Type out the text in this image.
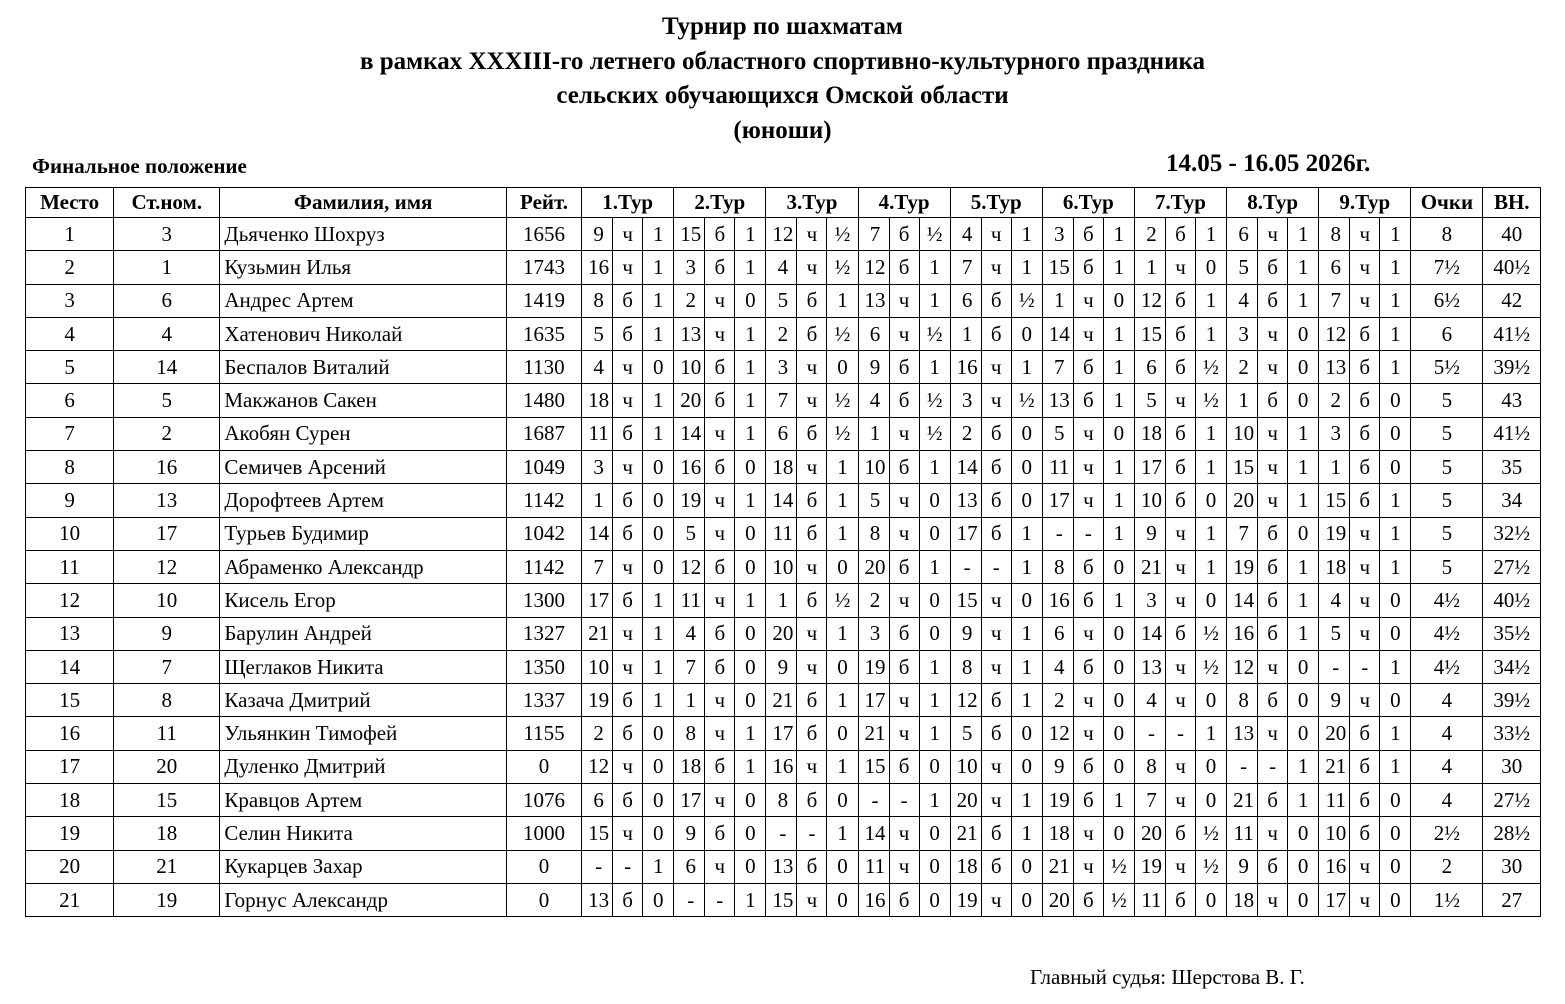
Турнир по шахматам
в рамках XXXIII-го летнего областного спортивно-культурного праздника
сельских обучающихся Омской области
(юноши)
Финальное положение	14.05 - 16.05 2026г.
Место	Ст.ном.	Фамилия, имя	Рейт.	1.Тур			2.Тур			3.Тур			4.Тур			5.Тур			6.Тур			7.Тур			8.Тур			9.Тур			Очки	ВН.
1	3	Дьяченко Шохруз	1656	9	ч	1	15	б	1	12	ч	½	7	б	½	4	ч	1	3	б	1	2	б	1	6	ч	1	8	ч	1	8	40
2	1	Кузьмин Илья	1743	16	ч	1	3	б	1	4	ч	½	12	б	1	7	ч	1	15	б	1	1	ч	0	5	б	1	6	ч	1	7½	40½
3	6	Андрес Артем	1419	8	б	1	2	ч	0	5	б	1	13	ч	1	6	б	½	1	ч	0	12	б	1	4	б	1	7	ч	1	6½	42
4	4	Хатенович Николай	1635	5	б	1	13	ч	1	2	б	½	6	ч	½	1	б	0	14	ч	1	15	б	1	3	ч	0	12	б	1	6	41½
5	14	Беспалов Виталий	1130	4	ч	0	10	б	1	3	ч	0	9	б	1	16	ч	1	7	б	1	6	б	½	2	ч	0	13	б	1	5½	39½
6	5	Макжанов Сакен	1480	18	ч	1	20	б	1	7	ч	½	4	б	½	3	ч	½	13	б	1	5	ч	½	1	б	0	2	б	0	5	43
7	2	Акобян Сурен	1687	11	б	1	14	ч	1	6	б	½	1	ч	½	2	б	0	5	ч	0	18	б	1	10	ч	1	3	б	0	5	41½
8	16	Семичев Арсений	1049	3	ч	0	16	б	0	18	ч	1	10	б	1	14	б	0	11	ч	1	17	б	1	15	ч	1	1	б	0	5	35
9	13	Дорофтеев Артем	1142	1	б	0	19	ч	1	14	б	1	5	ч	0	13	б	0	17	ч	1	10	б	0	20	ч	1	15	б	1	5	34
10	17	Турьев Будимир	1042	14	б	0	5	ч	0	11	б	1	8	ч	0	17	б	1	-	-	1	9	ч	1	7	б	0	19	ч	1	5	32½
11	12	Абраменко Александр	1142	7	ч	0	12	б	0	10	ч	0	20	б	1	-	-	1	8	б	0	21	ч	1	19	б	1	18	ч	1	5	27½
12	10	Кисель Егор	1300	17	б	1	11	ч	1	1	б	½	2	ч	0	15	ч	0	16	б	1	3	ч	0	14	б	1	4	ч	0	4½	40½
13	9	Барулин Андрей	1327	21	ч	1	4	б	0	20	ч	1	3	б	0	9	ч	1	6	ч	0	14	б	½	16	б	1	5	ч	0	4½	35½
14	7	Щеглаков Никита	1350	10	ч	1	7	б	0	9	ч	0	19	б	1	8	ч	1	4	б	0	13	ч	½	12	ч	0	-	-	1	4½	34½
15	8	Казача Дмитрий	1337	19	б	1	1	ч	0	21	б	1	17	ч	1	12	б	1	2	ч	0	4	ч	0	8	б	0	9	ч	0	4	39½
16	11	Ульянкин Тимофей	1155	2	б	0	8	ч	1	17	б	0	21	ч	1	5	б	0	12	ч	0	-	-	1	13	ч	0	20	б	1	4	33½
17	20	Дуленко Дмитрий	0	12	ч	0	18	б	1	16	ч	1	15	б	0	10	ч	0	9	б	0	8	ч	0	-	-	1	21	б	1	4	30
18	15	Кравцов Артем	1076	6	б	0	17	ч	0	8	б	0	-	-	1	20	ч	1	19	б	1	7	ч	0	21	б	1	11	б	0	4	27½
19	18	Селин Никита	1000	15	ч	0	9	б	0	-	-	1	14	ч	0	21	б	1	18	ч	0	20	б	½	11	ч	0	10	б	0	2½	28½
20	21	Кукарцев Захар	0	-	-	1	6	ч	0	13	б	0	11	ч	0	18	б	0	21	ч	½	19	ч	½	9	б	0	16	ч	0	2	30
21	19	Горнус Александр	0	13	б	0	-	-	1	15	ч	0	16	б	0	19	ч	0	20	б	½	11	б	0	18	ч	0	17	ч	0	1½	27
Главный судья: Шерстова В. Г.
